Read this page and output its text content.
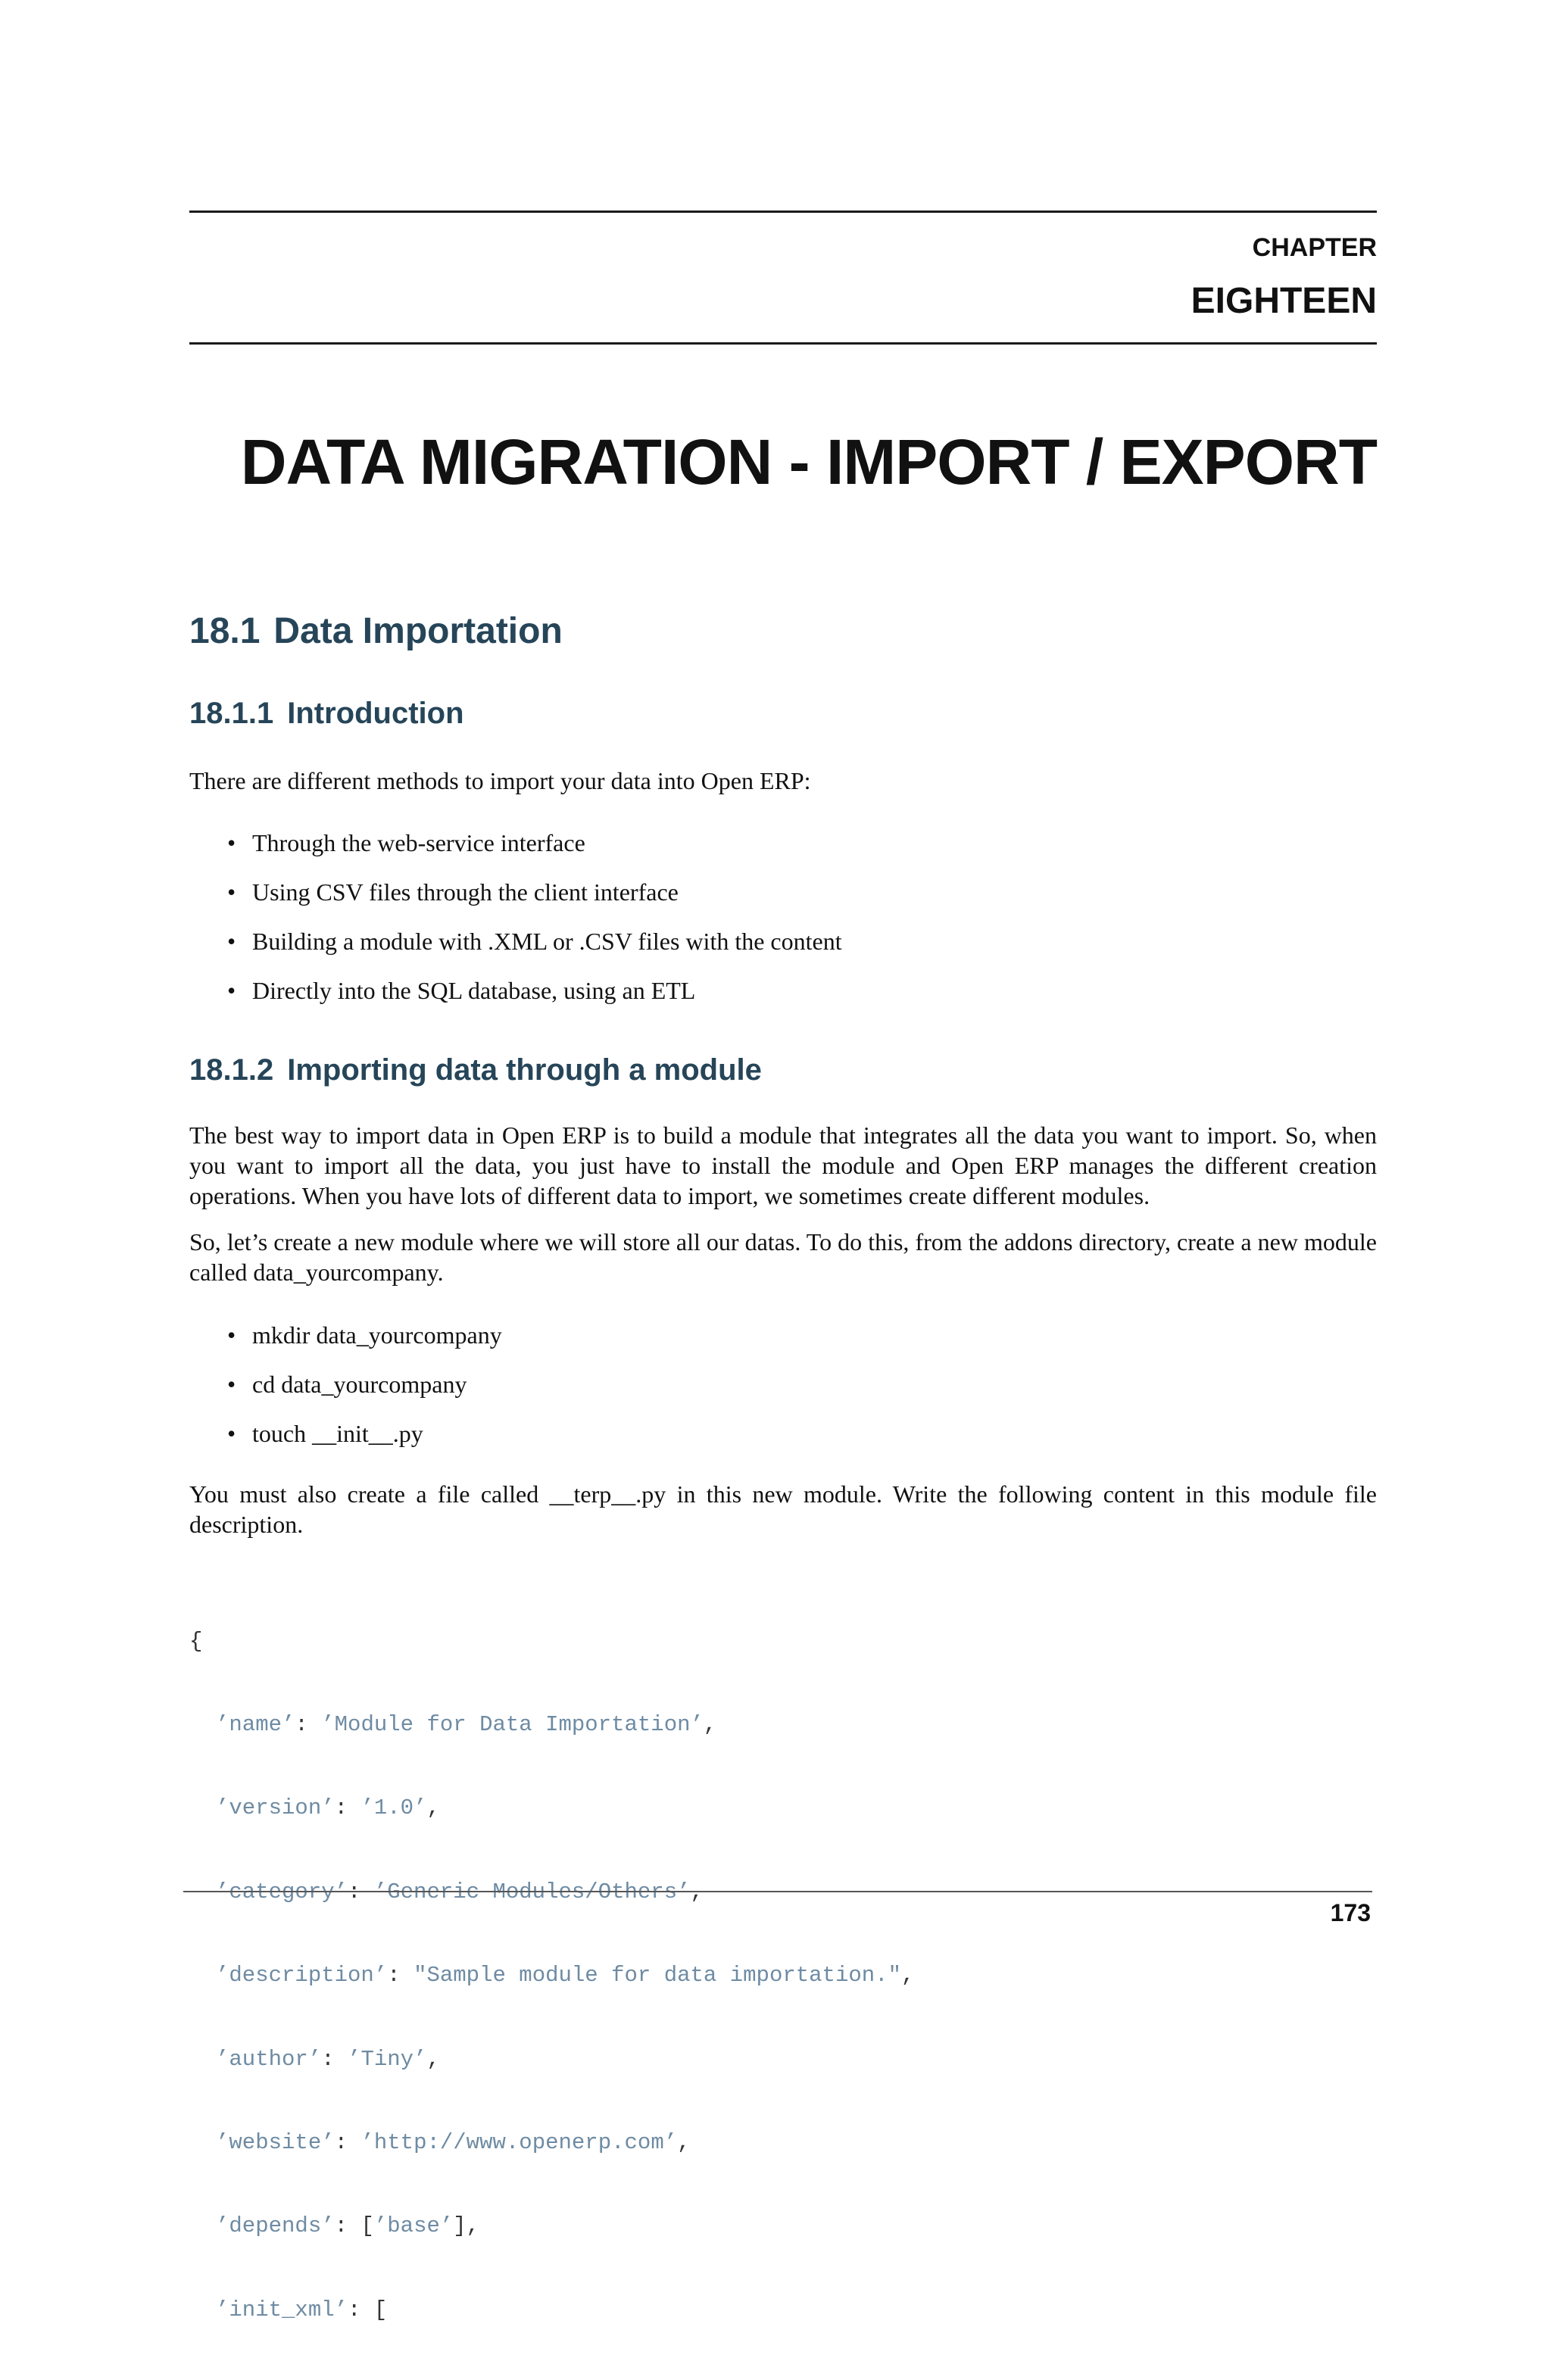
CHAPTER
EIGHTEEN
DATA MIGRATION - IMPORT / EXPORT
18.1 Data Importation
18.1.1 Introduction

There are different methods to import your data into Open ERP:

• Through the web-service interface
• Using CSV files through the client interface
• Building a module with .XML or .CSV files with the content
• Directly into the SQL database, using an ETL
18.1.2 Importing data through a module

The best way to import data in Open ERP is to build a module that integrates all the data you want to import. So, when you want to import all the data, you just have to install the module and Open ERP manages the different creation operations. When you have lots of different data to import, we sometimes create different modules.

So, let’s create a new module where we will store all our datas. To do this, from the addons directory, create a new module called data_yourcompany.

• mkdir data_yourcompany
• cd data_yourcompany
• touch __init__.py

You must also create a file called __terp__.py in this new module. Write the following content in this module file description.

{

’name’: ’Module for Data Importation’,

’version’: ’1.0’,

’category’: ’Generic Modules/Others’,

’description’: "Sample module for data importation.",

’author’: ’Tiny’,

’website’: ’http://www.openerp.com’,

’depends’: [’base’],

’init_xml’: [

173
